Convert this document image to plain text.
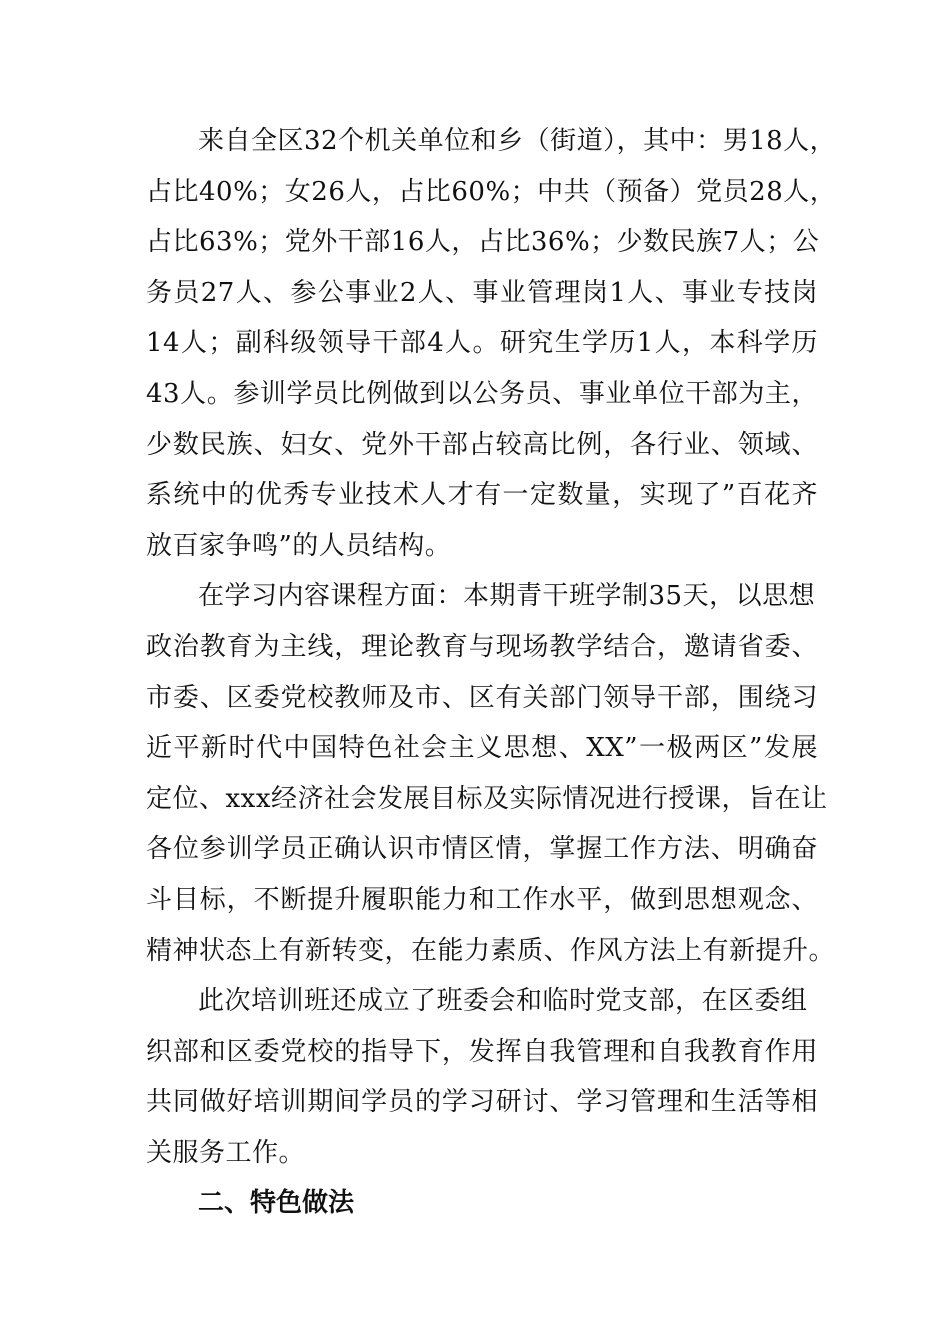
来自全区32个机关单位和乡（街道），其中：男18人，
占比40%；女26人，占比60%；中共（预备）党员28人，
占比63%；党外干部16人，占比36%；少数民族7人；公
务员27人、参公事业2人、事业管理岗1人、事业专技岗
14人；副科级领导干部4人。研究生学历1人，本科学历
43人。参训学员比例做到以公务员、事业单位干部为主，
少数民族、妇女、党外干部占较高比例，各行业、领域、
系统中的优秀专业技术人才有一定数量，实现了”百花齐
放百家争鸣”的人员结构。
在学习内容课程方面：本期青干班学制35天，以思想
政治教育为主线，理论教育与现场教学结合，邀请省委、
市委、区委党校教师及市、区有关部门领导干部，围绕习
近平新时代中国特色社会主义思想、XX”一极两区”发展
定位、xxx经济社会发展目标及实际情况进行授课，旨在让
各位参训学员正确认识市情区情，掌握工作方法、明确奋
斗目标，不断提升履职能力和工作水平，做到思想观念、
精神状态上有新转变，在能力素质、作风方法上有新提升。
此次培训班还成立了班委会和临时党支部，在区委组
织部和区委党校的指导下，发挥自我管理和自我教育作用
共同做好培训期间学员的学习研讨、学习管理和生活等相
关服务工作。
二、特色做法
